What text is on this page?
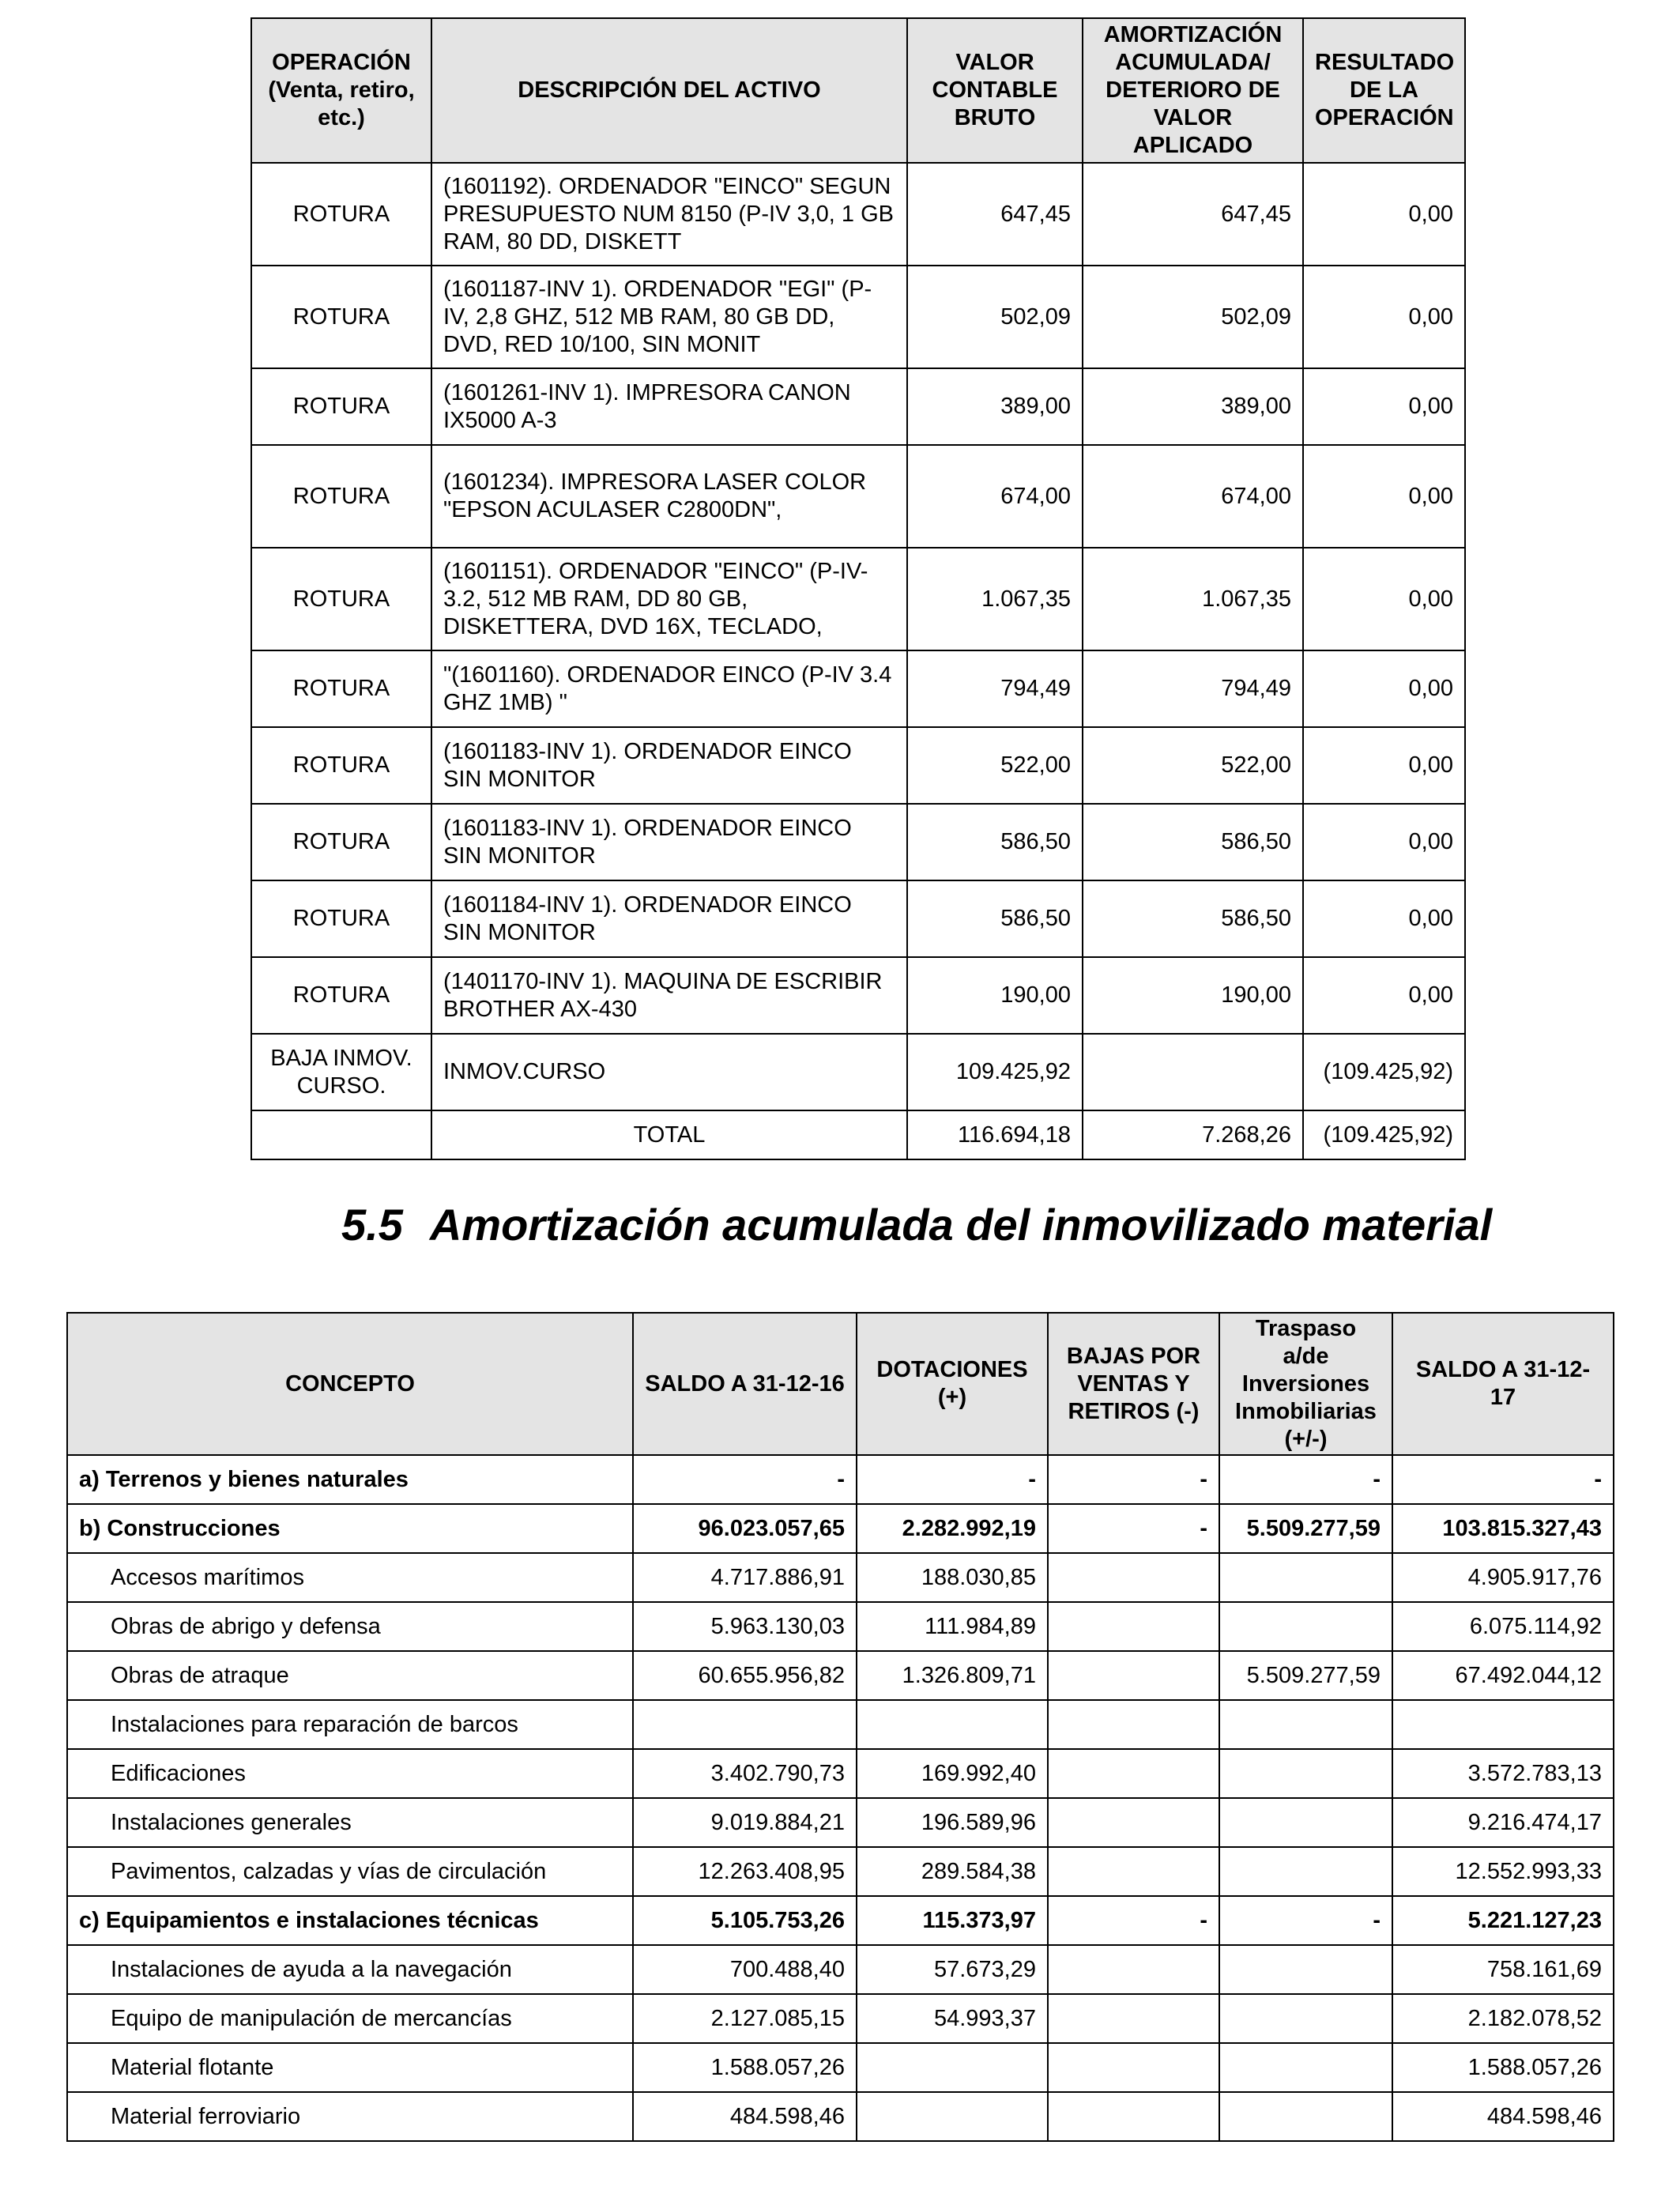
OPERACIÓN (Venta, retiro, etc.)	DESCRIPCIÓN DEL ACTIVO	VALOR CONTABLE BRUTO	AMORTIZACIÓN ACUMULADA/ DETERIORO DE VALOR APLICADO	RESULTADO DE LA OPERACIÓN
ROTURA	(1601192). ORDENADOR "EINCO" SEGUN PRESUPUESTO NUM 8150 (P-IV 3,0, 1 GB RAM, 80 DD, DISKETT	647,45	647,45	0,00
ROTURA	(1601187-INV 1). ORDENADOR "EGI" (P-IV, 2,8 GHZ, 512 MB RAM, 80 GB DD, DVD, RED 10/100, SIN MONIT	502,09	502,09	0,00
ROTURA	(1601261-INV 1). IMPRESORA CANON IX5000 A-3	389,00	389,00	0,00
ROTURA	(1601234). IMPRESORA LASER COLOR "EPSON ACULASER C2800DN",	674,00	674,00	0,00
ROTURA	(1601151). ORDENADOR "EINCO" (P-IV-3.2, 512 MB RAM, DD 80 GB, DISKETTERA, DVD 16X, TECLADO,	1.067,35	1.067,35	0,00
ROTURA	"(1601160). ORDENADOR EINCO (P-IV 3.4 GHZ 1MB) "	794,49	794,49	0,00
ROTURA	(1601183-INV 1). ORDENADOR EINCO SIN MONITOR	522,00	522,00	0,00
ROTURA	(1601183-INV 1). ORDENADOR EINCO SIN MONITOR	586,50	586,50	0,00
ROTURA	(1601184-INV 1). ORDENADOR EINCO SIN MONITOR	586,50	586,50	0,00
ROTURA	(1401170-INV 1). MAQUINA DE ESCRIBIR BROTHER AX-430	190,00	190,00	0,00
BAJA INMOV. CURSO.	INMOV.CURSO	109.425,92		(109.425,92)
	TOTAL	116.694,18	7.268,26	(109.425,92)
5.5 Amortización acumulada del inmovilizado material
CONCEPTO	SALDO A 31-12-16	DOTACIONES (+)	BAJAS POR VENTAS Y RETIROS (-)	Traspaso a/de Inversiones Inmobiliarias (+/-)	SALDO A 31-12-17
a) Terrenos y bienes naturales	-	-	-	-	-
b) Construcciones	96.023.057,65	2.282.992,19	-	5.509.277,59	103.815.327,43
Accesos marítimos	4.717.886,91	188.030,85			4.905.917,76
Obras de abrigo y defensa	5.963.130,03	111.984,89			6.075.114,92
Obras de atraque	60.655.956,82	1.326.809,71		5.509.277,59	67.492.044,12
Instalaciones para reparación de barcos					
Edificaciones	3.402.790,73	169.992,40			3.572.783,13
Instalaciones generales	9.019.884,21	196.589,96			9.216.474,17
Pavimentos, calzadas y vías de circulación	12.263.408,95	289.584,38			12.552.993,33
c) Equipamientos e instalaciones técnicas	5.105.753,26	115.373,97	-	-	5.221.127,23
Instalaciones de ayuda a la navegación	700.488,40	57.673,29			758.161,69
Equipo de manipulación de mercancías	2.127.085,15	54.993,37			2.182.078,52
Material flotante	1.588.057,26				1.588.057,26
Material ferroviario	484.598,46				484.598,46
